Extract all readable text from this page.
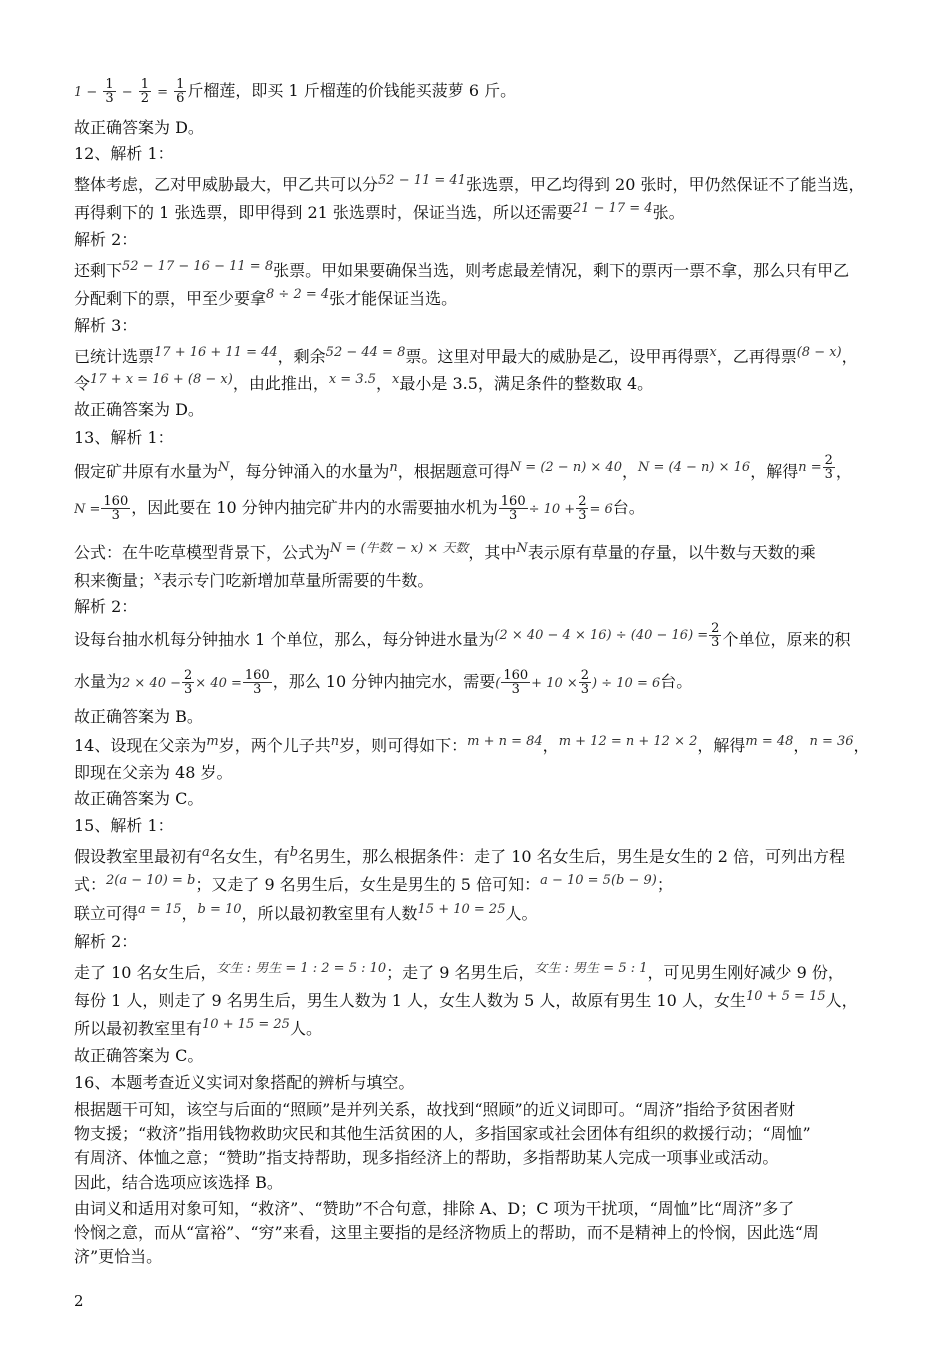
$1 - \frac{1}{3} - \frac{1}{2} = \frac{1}{6}$ 斤榴莲，即买 1 斤榴莲的价钱能买菠萝 6 斤。
故正确答案为 D。
12、解析 1：
整体考虑，乙对甲威胁最大，甲乙共可以分$^{52 - 11 = 41}$张选票，甲乙均得到 20 张时，甲仍然保证不了能当选，
再得剩下的 1 张选票，即甲得到 21 张选票时，保证当选，所以还需要$^{21 - 17 = 4}$张。
解析 2：
还剩下$^{52 - 17 - 16 - 11 = 8}$张票。甲如果要确保当选，则考虑最差情况，剩下的票丙一票不拿，那么只有甲乙
分配剩下的票，甲至少要拿$^{8 \div 2 = 4}$张才能保证当选。
解析 3：
已统计选票$^{17 + 16 + 11 = 44}$，剩余$^{52 - 44 = 8}$票。这里对甲最大的威胁是乙，设甲再得票$^x$，乙再得票$^{(8 - x)}$，
令$^{17 + x = 16 + (8 - x)}$，由此推出，$^{x = 3.5}$，$^x$最小是 3.5，满足条件的整数取 4。
故正确答案为 D。
13、解析 1：
假定矿井原有水量为$^N$，每分钟涌入的水量为$^n$，根据题意可得$^{N = (2 - n) \times 40}$，$^{N = (4 - n) \times 16}$，解得$^{n =} \frac{2}{3}$ ，
$N = \frac{160}{3}$ ，因此要在 10 分钟内抽完矿井内的水需要抽水机为 $\frac{160}{3} \div 10 + \frac{2}{3} = 6$台。
公式：在牛吃草模型背景下，公式为$^{N = (牛数 - x) \times 天数}$，其中$^N$表示原有草量的存量，以牛数与天数的乘
积来衡量；$^x$表示专门吃新增加草量所需要的牛数。
解析 2：
设每台抽水机每分钟抽水 1 个单位，那么，每分钟进水量为$^{(2 \times 40 - 4 \times 16) \div (40 - 16) =} \frac{2}{3}$ 个单位，原来的积
水量为$2 \times 40 - \frac{2}{3} \times 40 = \frac{160}{3}$ ，那么 10 分钟内抽完水，需要( $\frac{160}{3} + 10 \times \frac{2}{3}$ ) ÷ 10 = 6台。
故正确答案为 B。
14、设现在父亲为$^m$岁，两个儿子共$^n$岁，则可得如下：$^{m + n = 84}$，$^{m + 12 = n + 12 \times 2}$，解得$^{m = 48}$，$^{n = 36}$，
即现在父亲为 48 岁。
故正确答案为 C。
15、解析 1：
假设教室里最初有$^a$名女生，有$^b$名男生，那么根据条件：走了 10 名女生后，男生是女生的 2 倍，可列出方程
式：$^{2(a - 10) = b}$；又走了 9 名男生后，女生是男生的 5 倍可知：$^{a - 10 = 5(b - 9)}$；
联立可得$^{a = 15}$，$^{b = 10}$，所以最初教室里有人数$^{15 + 10 = 25}$人。
解析 2：
走了 10 名女生后，$^{女生 : 男生 = 1 : 2 = 5 : 10}$；走了 9 名男生后，$^{女生 : 男生 = 5 : 1}$，可见男生刚好减少 9 份，
每份 1 人，则走了 9 名男生后，男生人数为 1 人，女生人数为 5 人，故原有男生 10 人，女生$^{10 + 5 = 15}$人，
所以最初教室里有$^{10 + 15 = 25}$人。
故正确答案为 C。
16、本题考查近义实词对象搭配的辨析与填空。
根据题干可知，该空与后面的“照顾”是并列关系，故找到“照顾”的近义词即可。“周济”指给予贫困者财
物支援；“救济”指用钱物救助灾民和其他生活贫困的人，多指国家或社会团体有组织的救援行动；“周恤”
有周济、体恤之意；“赞助”指支持帮助，现多指经济上的帮助，多指帮助某人完成一项事业或活动。
因此，结合选项应该选择 B。
由词义和适用对象可知，“救济”、“赞助”不合句意，排除 A、D；C 项为干扰项，“周恤”比“周济”多了
怜悯之意，而从“富裕”、“穷”来看，这里主要指的是经济物质上的帮助，而不是精神上的怜悯，因此选“周
济”更恰当。
2
